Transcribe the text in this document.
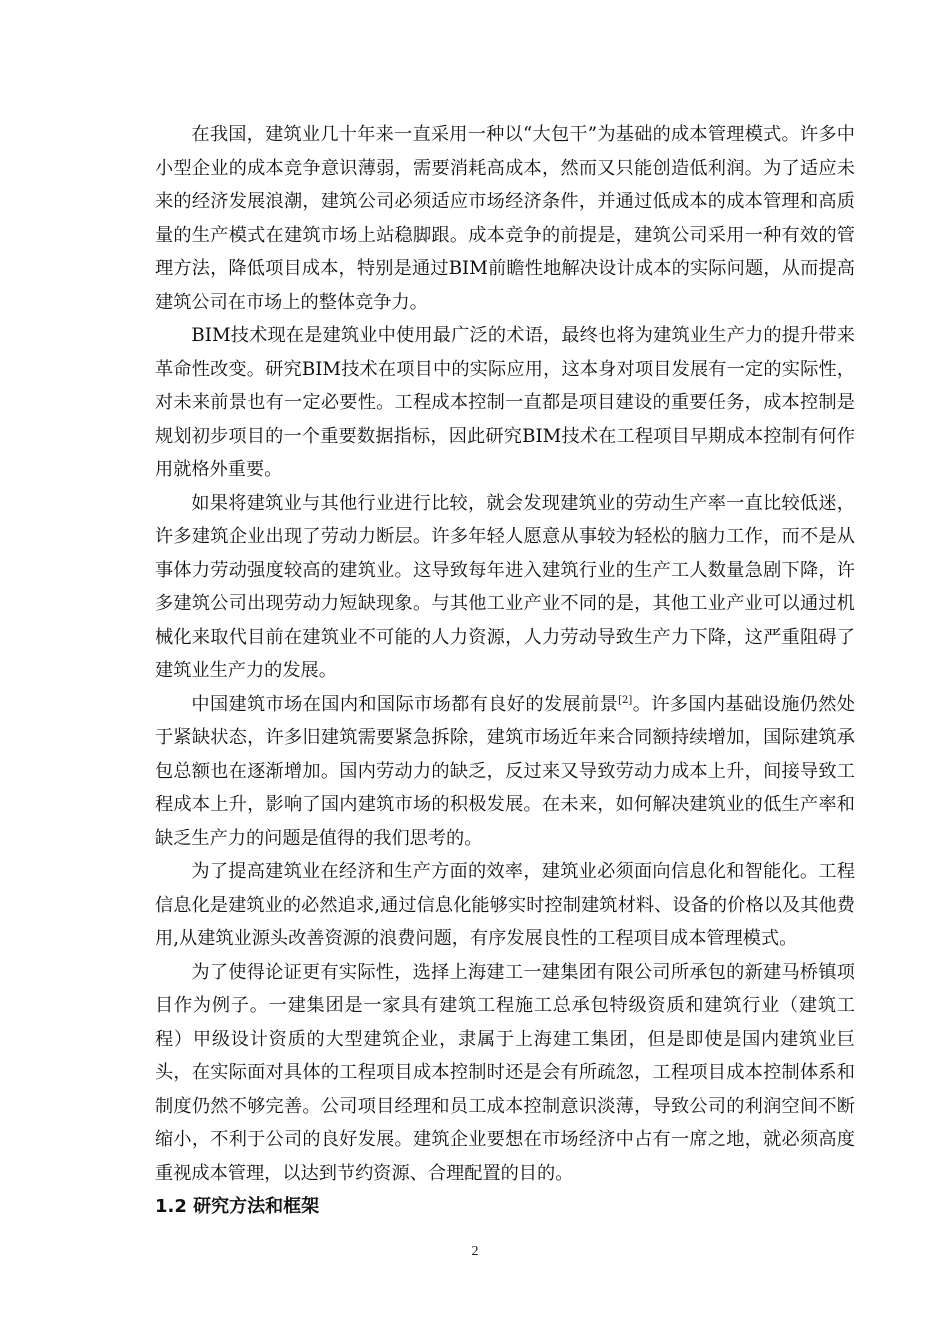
在我国，建筑业几十年来一直采用一种以“大包干”为基础的成本管理模式。许多中小型企业的成本竞争意识薄弱，需要消耗高成本，然而又只能创造低利润。为了适应未来的经济发展浪潮，建筑公司必须适应市场经济条件，并通过低成本的成本管理和高质量的生产模式在建筑市场上站稳脚跟。成本竞争的前提是，建筑公司采用一种有效的管理方法，降低项目成本，特别是通过BIM前瞻性地解决设计成本的实际问题，从而提高建筑公司在市场上的整体竞争力。

BIM技术现在是建筑业中使用最广泛的术语，最终也将为建筑业生产力的提升带来革命性改变。研究BIM技术在项目中的实际应用，这本身对项目发展有一定的实际性，对未来前景也有一定必要性。工程成本控制一直都是项目建设的重要任务，成本控制是规划初步项目的一个重要数据指标，因此研究BIM技术在工程项目早期成本控制有何作用就格外重要。

如果将建筑业与其他行业进行比较，就会发现建筑业的劳动生产率一直比较低迷，许多建筑企业出现了劳动力断层。许多年轻人愿意从事较为轻松的脑力工作，而不是从事体力劳动强度较高的建筑业。这导致每年进入建筑行业的生产工人数量急剧下降，许多建筑公司出现劳动力短缺现象。与其他工业产业不同的是，其他工业产业可以通过机械化来取代目前在建筑业不可能的人力资源，人力劳动导致生产力下降，这严重阻碍了建筑业生产力的发展。

中国建筑市场在国内和国际市场都有良好的发展前景[2]。许多国内基础设施仍然处于紧缺状态，许多旧建筑需要紧急拆除，建筑市场近年来合同额持续增加，国际建筑承包总额也在逐渐增加。国内劳动力的缺乏，反过来又导致劳动力成本上升，间接导致工程成本上升，影响了国内建筑市场的积极发展。在未来，如何解决建筑业的低生产率和缺乏生产力的问题是值得的我们思考的。

为了提高建筑业在经济和生产方面的效率，建筑业必须面向信息化和智能化。工程信息化是建筑业的必然追求,通过信息化能够实时控制建筑材料、设备的价格以及其他费用,从建筑业源头改善资源的浪费问题，有序发展良性的工程项目成本管理模式。

为了使得论证更有实际性，选择上海建工一建集团有限公司所承包的新建马桥镇项目作为例子。一建集团是一家具有建筑工程施工总承包特级资质和建筑行业（建筑工程）甲级设计资质的大型建筑企业，隶属于上海建工集团，但是即使是国内建筑业巨头，在实际面对具体的工程项目成本控制时还是会有所疏忽，工程项目成本控制体系和制度仍然不够完善。公司项目经理和员工成本控制意识淡薄，导致公司的利润空间不断缩小，不利于公司的良好发展。建筑企业要想在市场经济中占有一席之地，就必须高度重视成本管理，以达到节约资源、合理配置的目的。

1.2 研究方法和框架

2
